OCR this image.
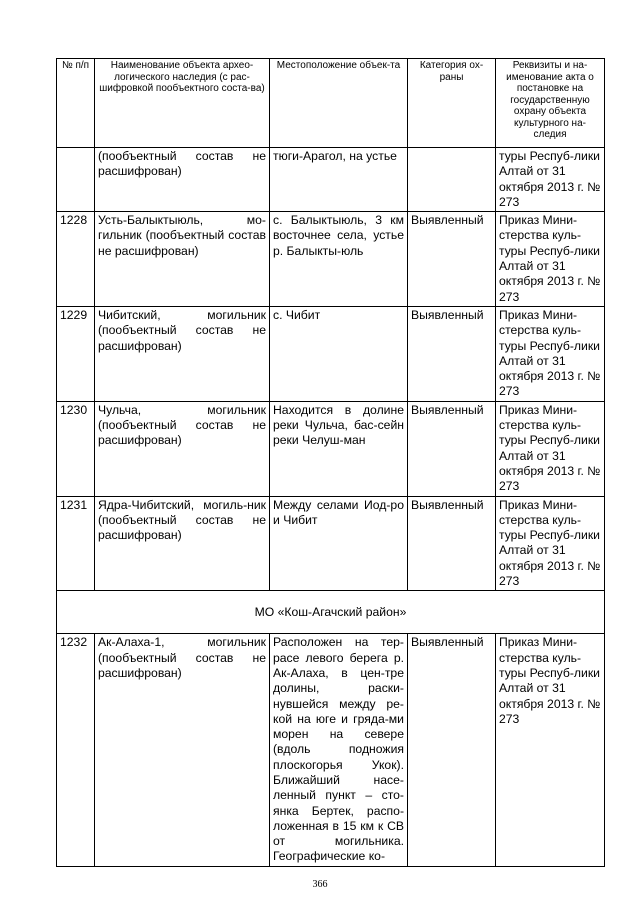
№ п/п	Наименование объекта архео-логического наследия (с рас-шифровкой пообъектного соста-ва)	Местоположение объек-та	Категория ох-раны	Реквизиты и на-именование акта о постановке на государственную охрану объекта культурного на-следия
	(пообъектный состав не расшифрован)	тюги-Арагол, на устье		туры Респуб-лики Алтай от 31 октября 2013 г. № 273
1228	Усть-Балыктыюль, мо-гильник (пообъектный состав не расшифрован)	с. Балыктыюль, 3 км восточнее села, устье р. Балыкты-юль	Выявленный	Приказ Мини-стерства куль-туры Респуб-лики Алтай от 31 октября 2013 г. № 273
1229	Чибитский, могильник (пообъектный состав не расшифрован)	с. Чибит	Выявленный	Приказ Мини-стерства куль-туры Респуб-лики Алтай от 31 октября 2013 г. № 273
1230	Чульча, могильник (пообъектный состав не расшифрован)	Находится в долине реки Чульча, бас-сейн реки Челуш-ман	Выявленный	Приказ Мини-стерства куль-туры Респуб-лики Алтай от 31 октября 2013 г. № 273
1231	Ядра-Чибитский, могиль-ник (пообъектный состав не расшифрован)	Между селами Иод-ро и Чибит	Выявленный	Приказ Мини-стерства куль-туры Респуб-лики Алтай от 31 октября 2013 г. № 273
МО «Кош-Агачский район»				
1232	Ак-Алаха-1, могильник (пообъектный состав не расшифрован)	Расположен на тер-расе левого берега р. Ак-Алаха, в цен-тре долины, раски-нувшейся между ре-кой на юге и гряда-ми морен на севере (вдоль подножия плоскогорья Укок). Ближайший насе-ленный пункт – сто-янка Бертек, распо-ложенная в 15 км к СВ от могильника. Географические ко-	Выявленный	Приказ Мини-стерства куль-туры Респуб-лики Алтай от 31 октября 2013 г. № 273
366
